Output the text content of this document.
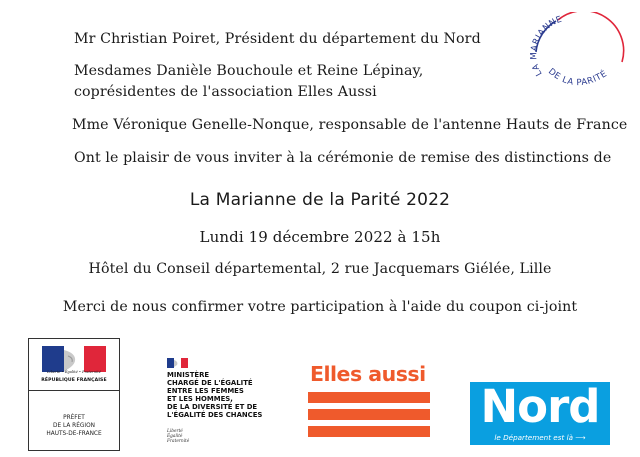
Mr Christian Poiret, Président du département du Nord
Mesdames Danièle Bouchoule et Reine Lépinay,
coprésidentes de l'association Elles Aussi
Mme Véronique Genelle-Nonque, responsable de l'antenne Hauts de France
Ont le plaisir de vous inviter à la cérémonie de remise des distinctions de
La Marianne de la Parité 2022
Lundi 19 décembre 2022 à 15h
Hôtel du Conseil départemental, 2 rue Jacquemars Giélée, Lille
Merci de nous confirmer votre participation à l'aide du coupon ci-joint
LA MARIANNE
DE LA PARITÉ
Liberté • Égalité • Fraternité
RÉPUBLIQUE FRANÇAISE
PRÉFET
DE LA RÉGION
HAUTS-DE-FRANCE
MINISTÈRE
CHARGÉ DE L'ÉGALITÉ
ENTRE LES FEMMES
ET LES HOMMES,
DE LA DIVERSITÉ ET DE
L'ÉGALITÉ DES CHANCES
Liberté
Égalité
Fraternité
Elles aussi
Nord
le Département est là ⟶
